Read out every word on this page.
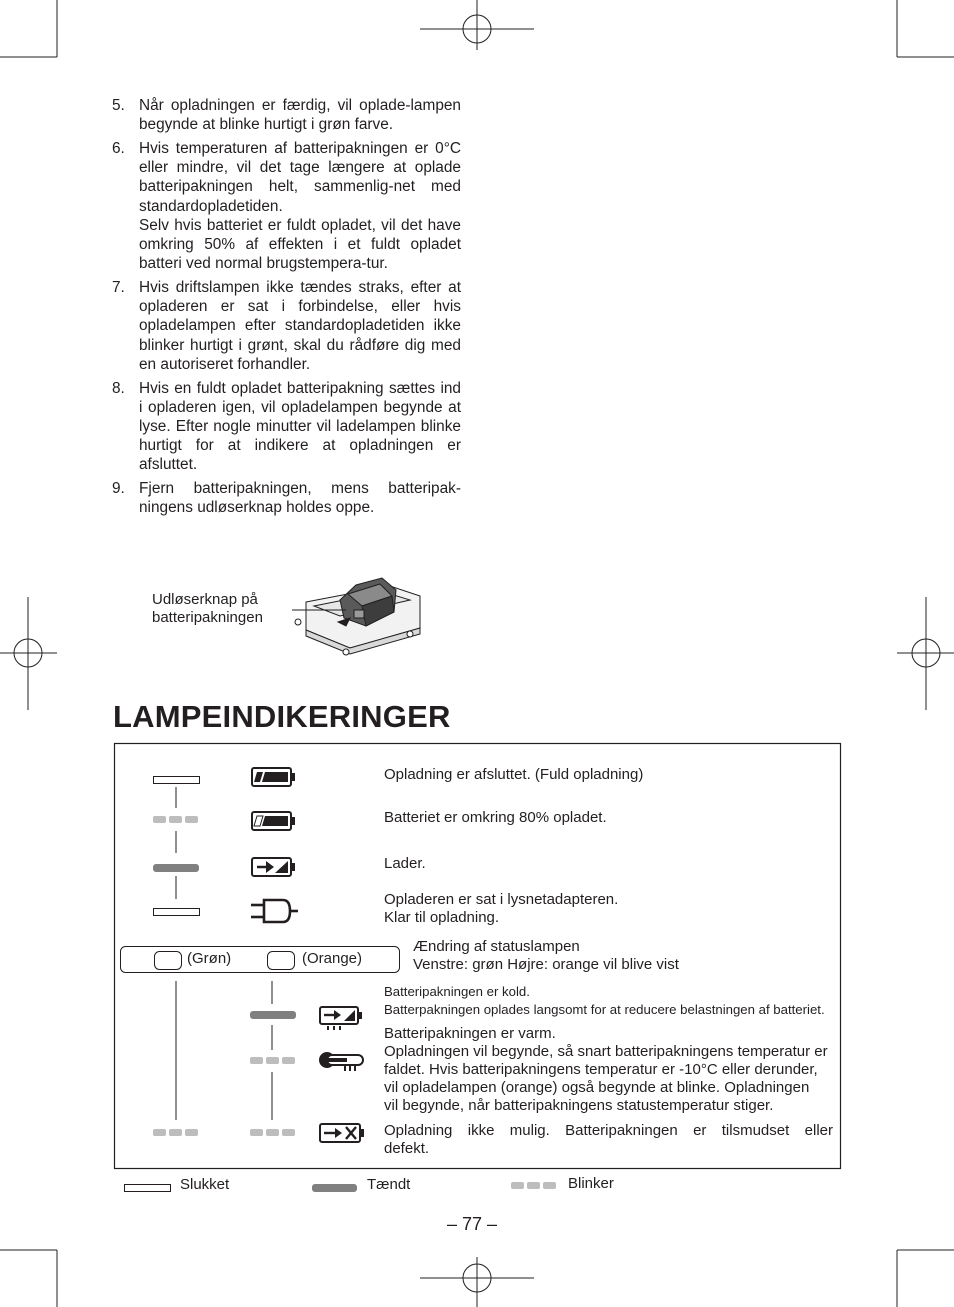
5. Når opladningen er færdig, vil oplade-lampen begynde at blinke hurtigt i grøn farve.
6. Hvis temperaturen af batteripakningen er 0°C eller mindre, vil det tage længere at oplade batteripakningen helt, sammenlig-net med standardopladetiden.
Selv hvis batteriet er fuldt opladet, vil det have omkring 50% af effekten i et fuldt opladet batteri ved normal brugstempera-tur.
7. Hvis driftslampen ikke tændes straks, efter at opladeren er sat i forbindelse, eller hvis opladelampen efter standardopladetiden ikke blinker hurtigt i grønt, skal du rådføre dig med en autoriseret forhandler.
8. Hvis en fuldt opladet batteripakning sættes ind i opladeren igen, vil opladelampen begynde at lyse. Efter nogle minutter vil ladelampen blinke hurtigt for at indikere at opladningen er afsluttet.
9. Fjern batteripakningen, mens batteripak-ningens udløserknap holdes oppe.
Udløserknap på
batteripakningen
LAMPEINDIKERINGER
Opladning er afsluttet. (Fuld opladning)
Batteriet er omkring 80% opladet.
Lader.
Opladeren er sat i lysnetadapteren.
Klar til opladning.
(Grøn)	(Orange)
Ændring af statuslampen
Venstre: grøn Højre: orange vil blive vist
Batteripakningen er kold.
Batterpakningen oplades langsomt for at reducere belastningen af batteriet.
Batteripakningen er varm.
Opladningen vil begynde, så snart batteripakningens temperatur er
faldet. Hvis batteripakningens temperatur er -10°C eller derunder,
vil opladelampen (orange) også begynde at blinke. Opladningen
vil begynde, når batteripakningens statustemperatur stiger.
Opladning ikke mulig. Batteripakningen er tilsmudset eller
defekt.
Slukket	Tændt	Blinker
– 77 –
